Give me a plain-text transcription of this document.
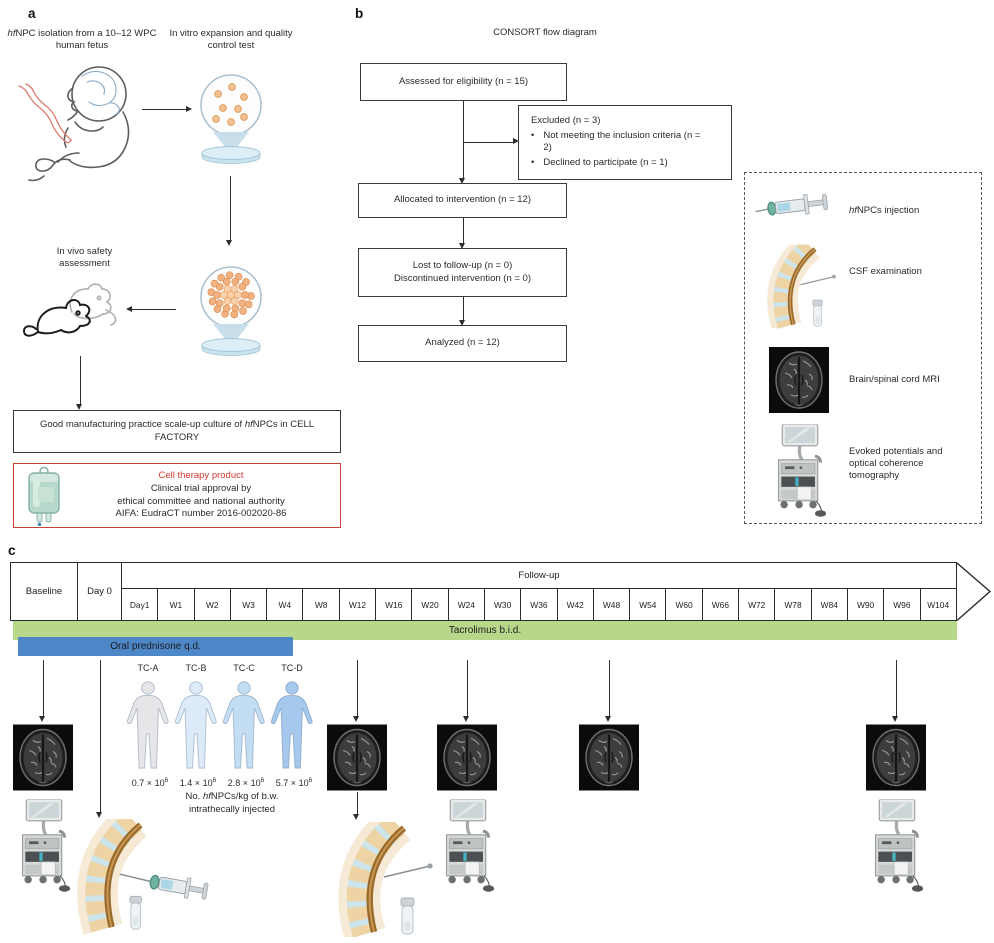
a
hfNPC isolation from a 10–12 WPC human fetus
In vitro expansion and quality control test
In vivo safety assessment
Good manufacturing practice scale-up culture of hfNPCs in CELL FACTORY
Cell therapy product
Clinical trial approval by
ethical committee and national authority
AIFA: EudraCT number 2016-002020-86
b
CONSORT flow diagram
Assessed for eligibility (n = 15)
Excluded (n = 3)
• Not meeting the inclusion criteria (n = 2)
• Declined to participate (n = 1)
Allocated to intervention (n = 12)
Lost to follow-up (n = 0)
Discontinued intervention (n = 0)
Analyzed (n = 12)
hfNPCs injection
CSF examination
Brain/spinal cord MRI
Evoked potentials and optical coherence tomography
c
Baseline	Day 0
Follow-up
Day1	W1	W2	W3	W4	W8	W12	W16	W20	W24	W30	W36	W42	W48	W54	W60	W66	W72	W78	W84	W90	W96	W104
Tacrolimus b.i.d.
Oral prednisone q.d.
TC-A	TC-B	TC-C	TC-D
$0.7 \times 10^6$	$1.4 \times 10^6$	$2.8 \times 10^6$	$5.7 \times 10^6$
No. hfNPCs/kg of b.w.
intrathecally injected
